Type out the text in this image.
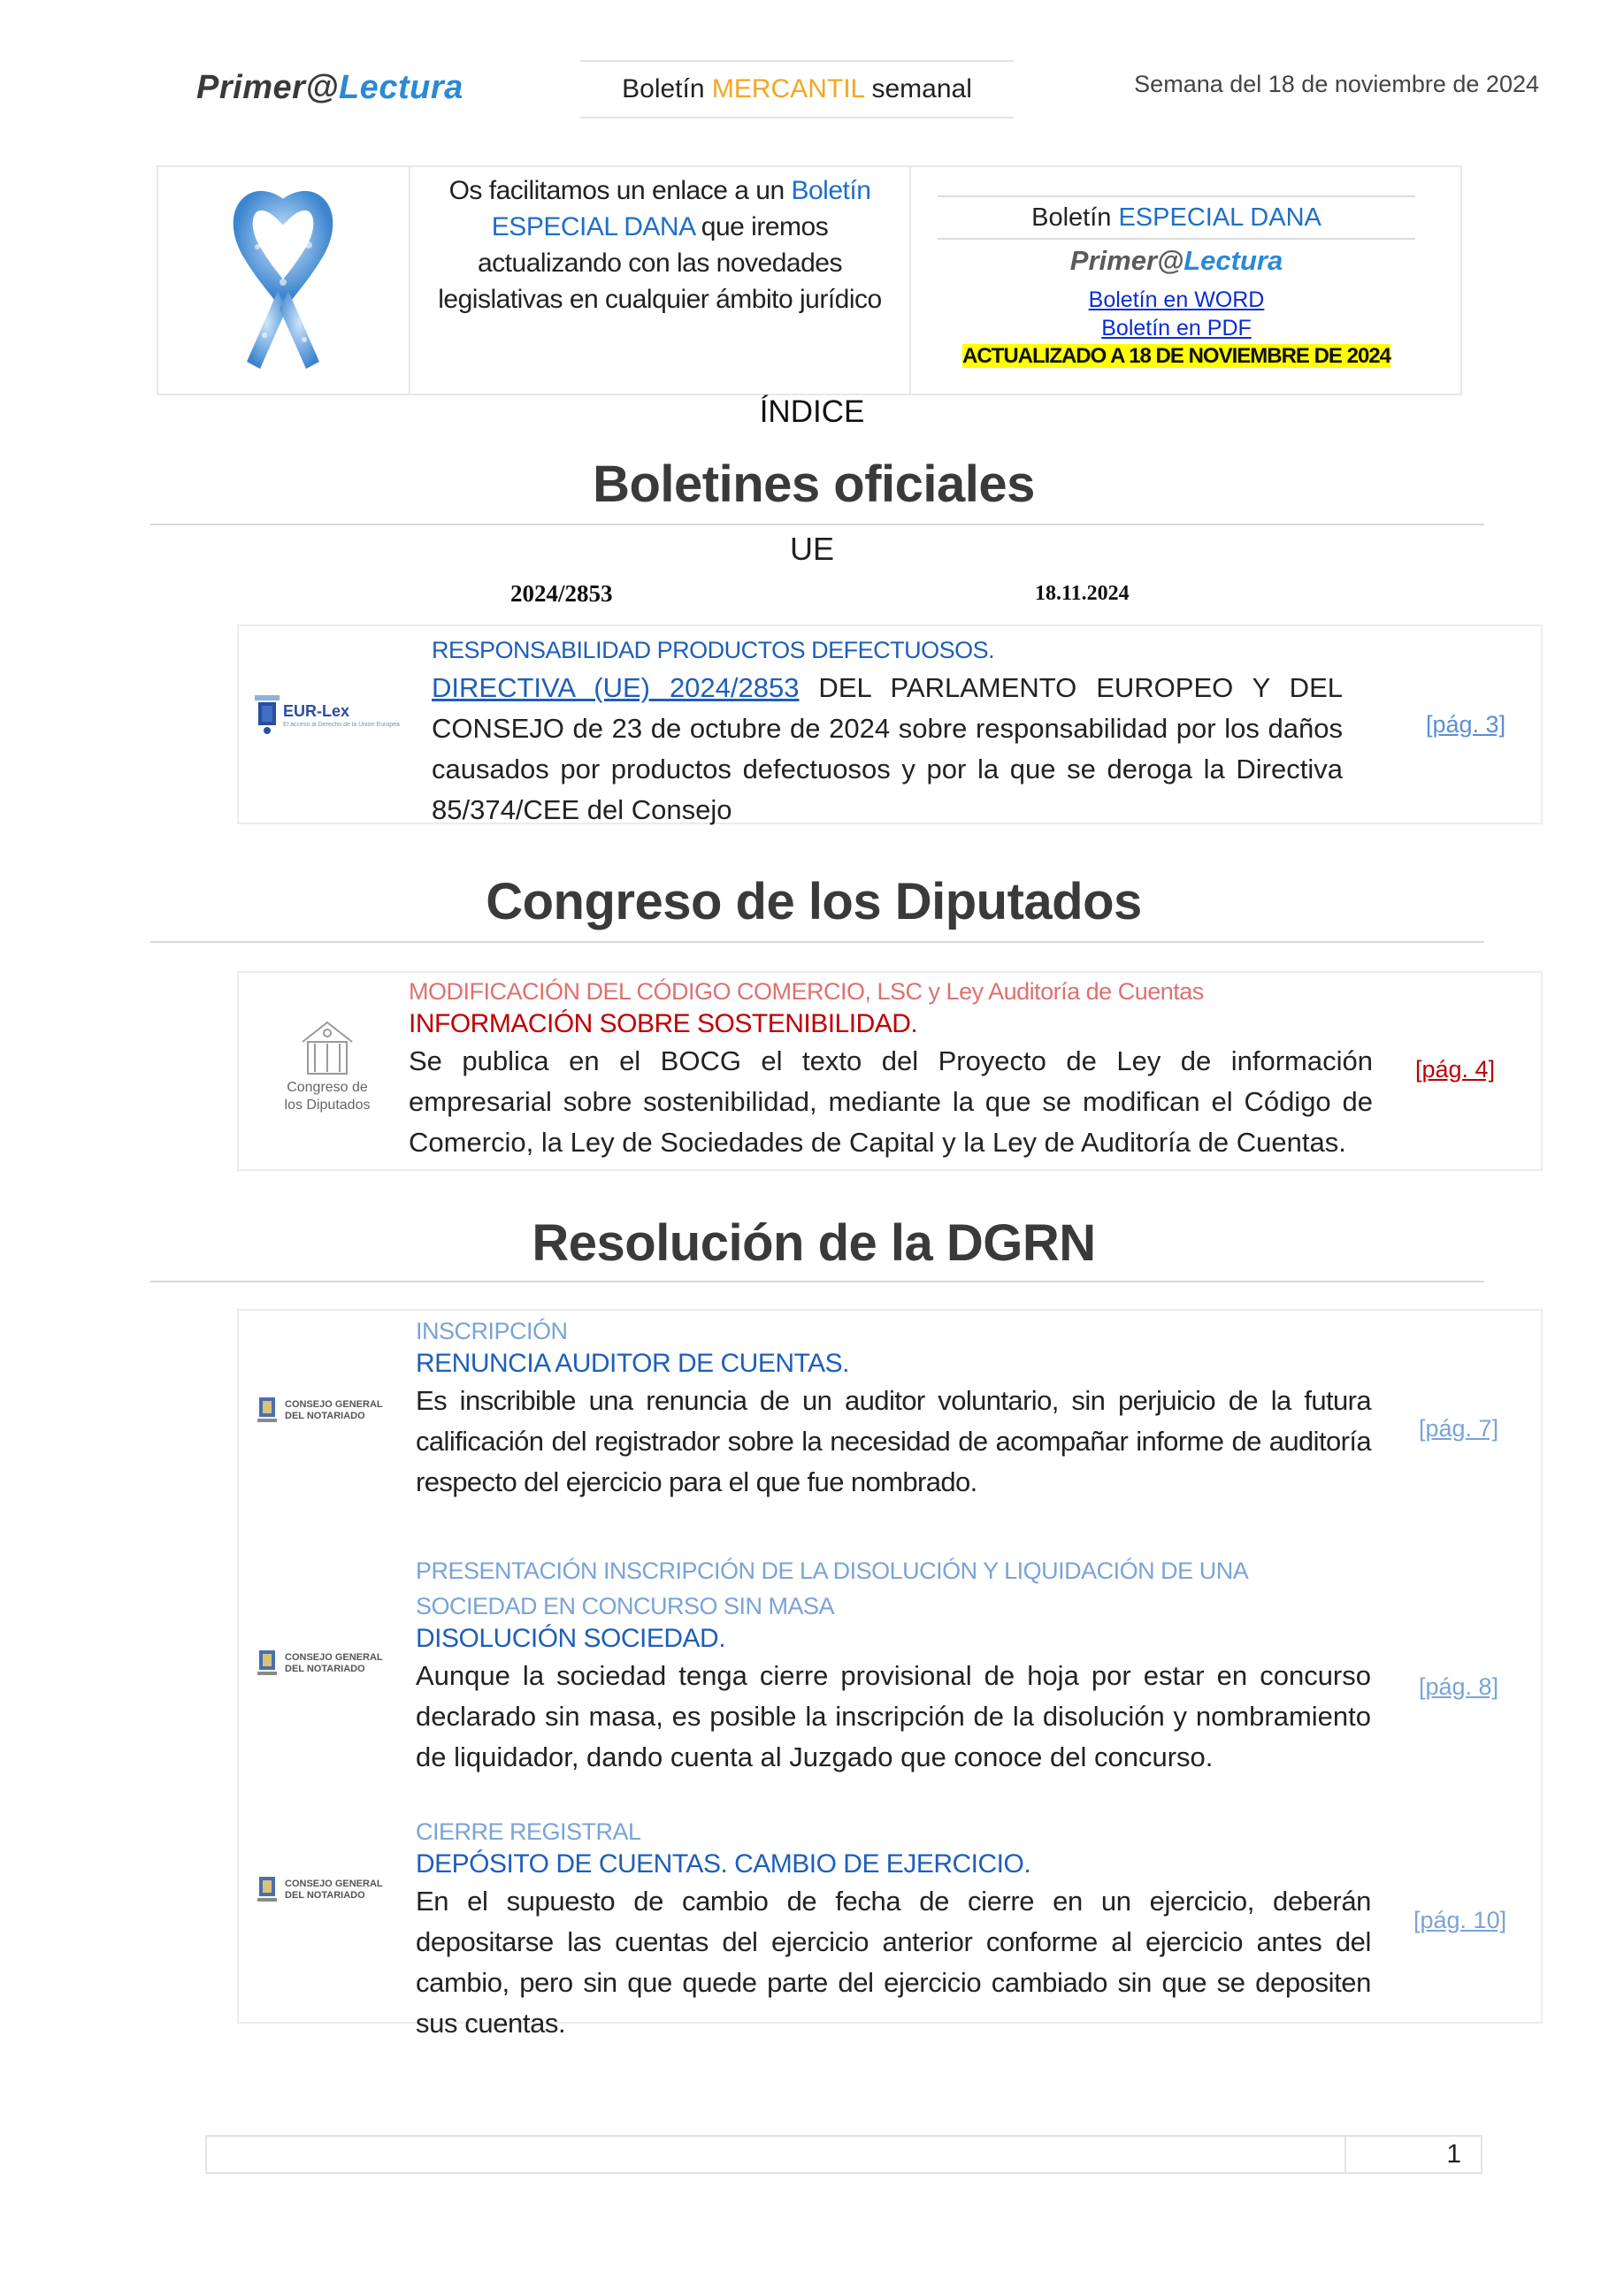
Primer@Lectura	Boletín MERCANTIL semanal	Semana del 18 de noviembre de 2024
Os facilitamos un enlace a un Boletín ESPECIAL DANA que iremos actualizando con las novedades legislativas en cualquier ámbito jurídico
Boletín ESPECIAL DANA
Primer@Lectura
Boletín en WORD
Boletín en PDF
ACTUALIZADO A 18 DE NOVIEMBRE DE 2024
ÍNDICE
Boletines oficiales
UE
2024/2853	18.11.2024
EUR-Lex
El acceso al Derecho de la Unión Europea
RESPONSABILIDAD PRODUCTOS DEFECTUOSOS.
DIRECTIVA (UE) 2024/2853 DEL PARLAMENTO EUROPEO Y DEL CONSEJO de 23 de octubre de 2024 sobre responsabilidad por los daños causados por productos defectuosos y por la que se deroga la Directiva 85/374/CEE del Consejo
[pág. 3]
Congreso de los Diputados
Congreso de
los Diputados
MODIFICACIÓN DEL CÓDIGO COMERCIO, LSC y Ley Auditoría de Cuentas
INFORMACIÓN SOBRE SOSTENIBILIDAD.
Se publica en el BOCG el texto del Proyecto de Ley de información empresarial sobre sostenibilidad, mediante la que se modifican el Código de Comercio, la Ley de Sociedades de Capital y la Ley de Auditoría de Cuentas.
[pág. 4]
Resolución de la DGRN
CONSEJO GENERAL
DEL NOTARIADO
INSCRIPCIÓN
RENUNCIA AUDITOR DE CUENTAS.
Es inscribible una renuncia de un auditor voluntario, sin perjuicio de la futura calificación del registrador sobre la necesidad de acompañar informe de auditoría respecto del ejercicio para el que fue nombrado.
[pág. 7]
CONSEJO GENERAL
DEL NOTARIADO
PRESENTACIÓN INSCRIPCIÓN DE LA DISOLUCIÓN Y LIQUIDACIÓN DE UNA SOCIEDAD EN CONCURSO SIN MASA
DISOLUCIÓN SOCIEDAD.
Aunque la sociedad tenga cierre provisional de hoja por estar en concurso declarado sin masa, es posible la inscripción de la disolución y nombramiento de liquidador, dando cuenta al Juzgado que conoce del concurso.
[pág. 8]
CONSEJO GENERAL
DEL NOTARIADO
CIERRE REGISTRAL
DEPÓSITO DE CUENTAS. CAMBIO DE EJERCICIO.
En el supuesto de cambio de fecha de cierre en un ejercicio, deberán depositarse las cuentas del ejercicio anterior conforme al ejercicio antes del cambio, pero sin que quede parte del ejercicio cambiado sin que se depositen sus cuentas.
[pág. 10]
1
